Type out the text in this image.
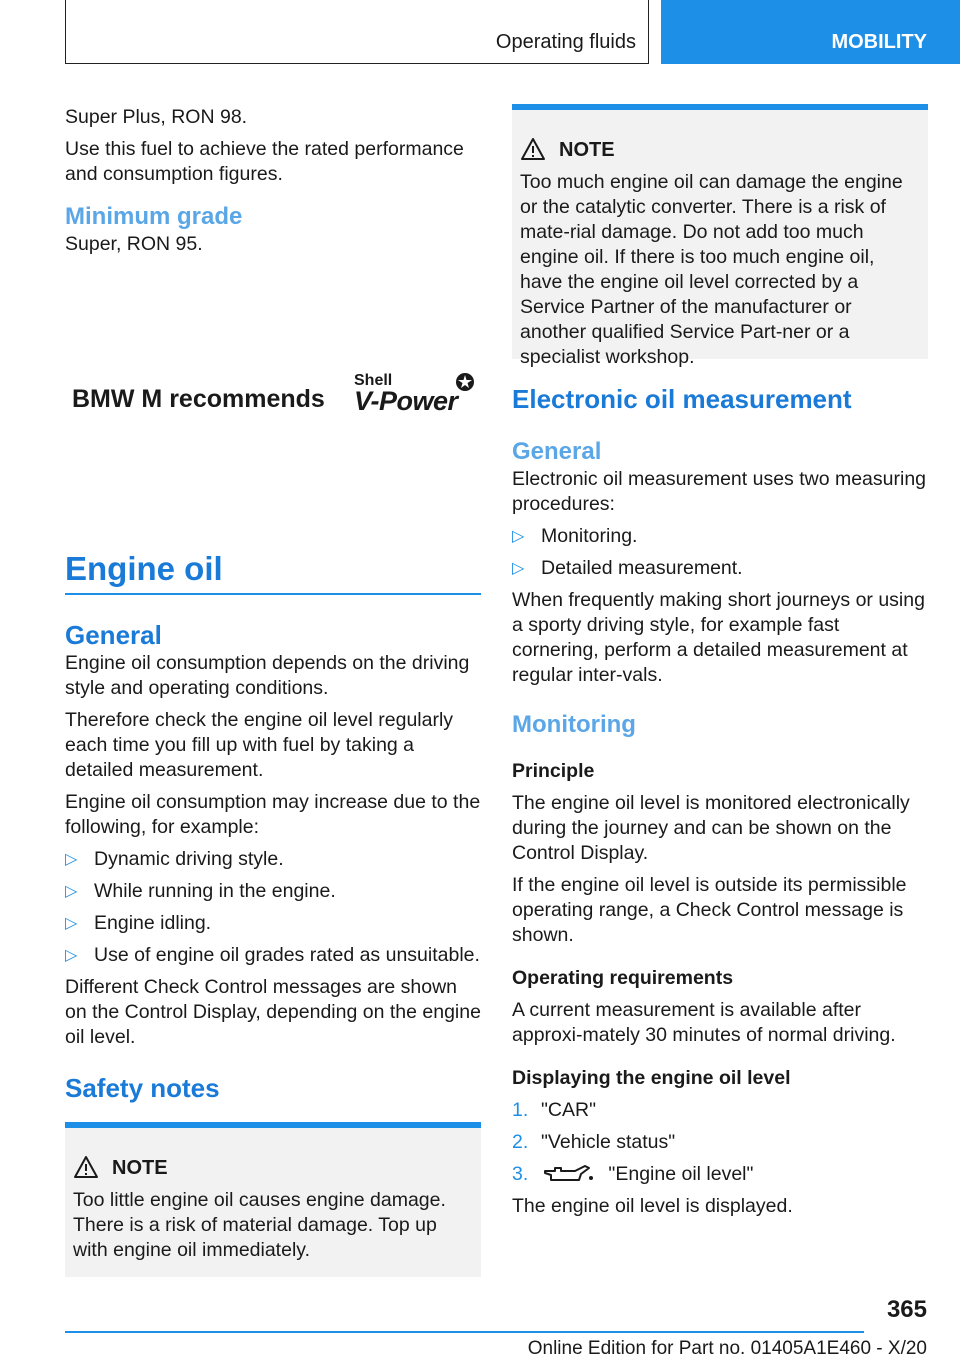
Operating fluids	MOBILITY

Super Plus, RON 98.

Use this fuel to achieve the rated performance and consumption figures.

Minimum grade

Super, RON 95.

BMW M recommends
Shell
V-Power
Engine oil
General

Engine oil consumption depends on the driving style and operating conditions.

Therefore check the engine oil level regularly each time you fill up with fuel by taking a detailed measurement.

Engine oil consumption may increase due to the following, for example:

▷ Dynamic driving style.
▷ While running in the engine.
▷ Engine idling.
▷ Use of engine oil grades rated as unsuitable.

Different Check Control messages are shown on the Control Display, depending on the engine oil level.

Safety notes
NOTE

Too little engine oil causes engine damage. There is a risk of material damage. Top up with engine oil immediately.

NOTE

Too much engine oil can damage the engine or the catalytic converter. There is a risk of mate-rial damage. Do not add too much engine oil. If there is too much engine oil, have the engine oil level corrected by a Service Partner of the manufacturer or another qualified Service Part-ner or a specialist workshop.

Electronic oil measurement
General

Electronic oil measurement uses two measuring procedures:

▷ Monitoring.
▷ Detailed measurement.

When frequently making short journeys or using a sporty driving style, for example fast cornering, perform a detailed measurement at regular inter-vals.

Monitoring
Principle

The engine oil level is monitored electronically during the journey and can be shown on the Control Display.

If the engine oil level is outside its permissible operating range, a Check Control message is shown.

Operating requirements

A current measurement is available after approxi-mately 30 minutes of normal driving.

Displaying the engine oil level
1. "CAR"
2. "Vehicle status"
3.	"Engine oil level"

The engine oil level is displayed.

365
Online Edition for Part no. 01405A1E460 - X/20
